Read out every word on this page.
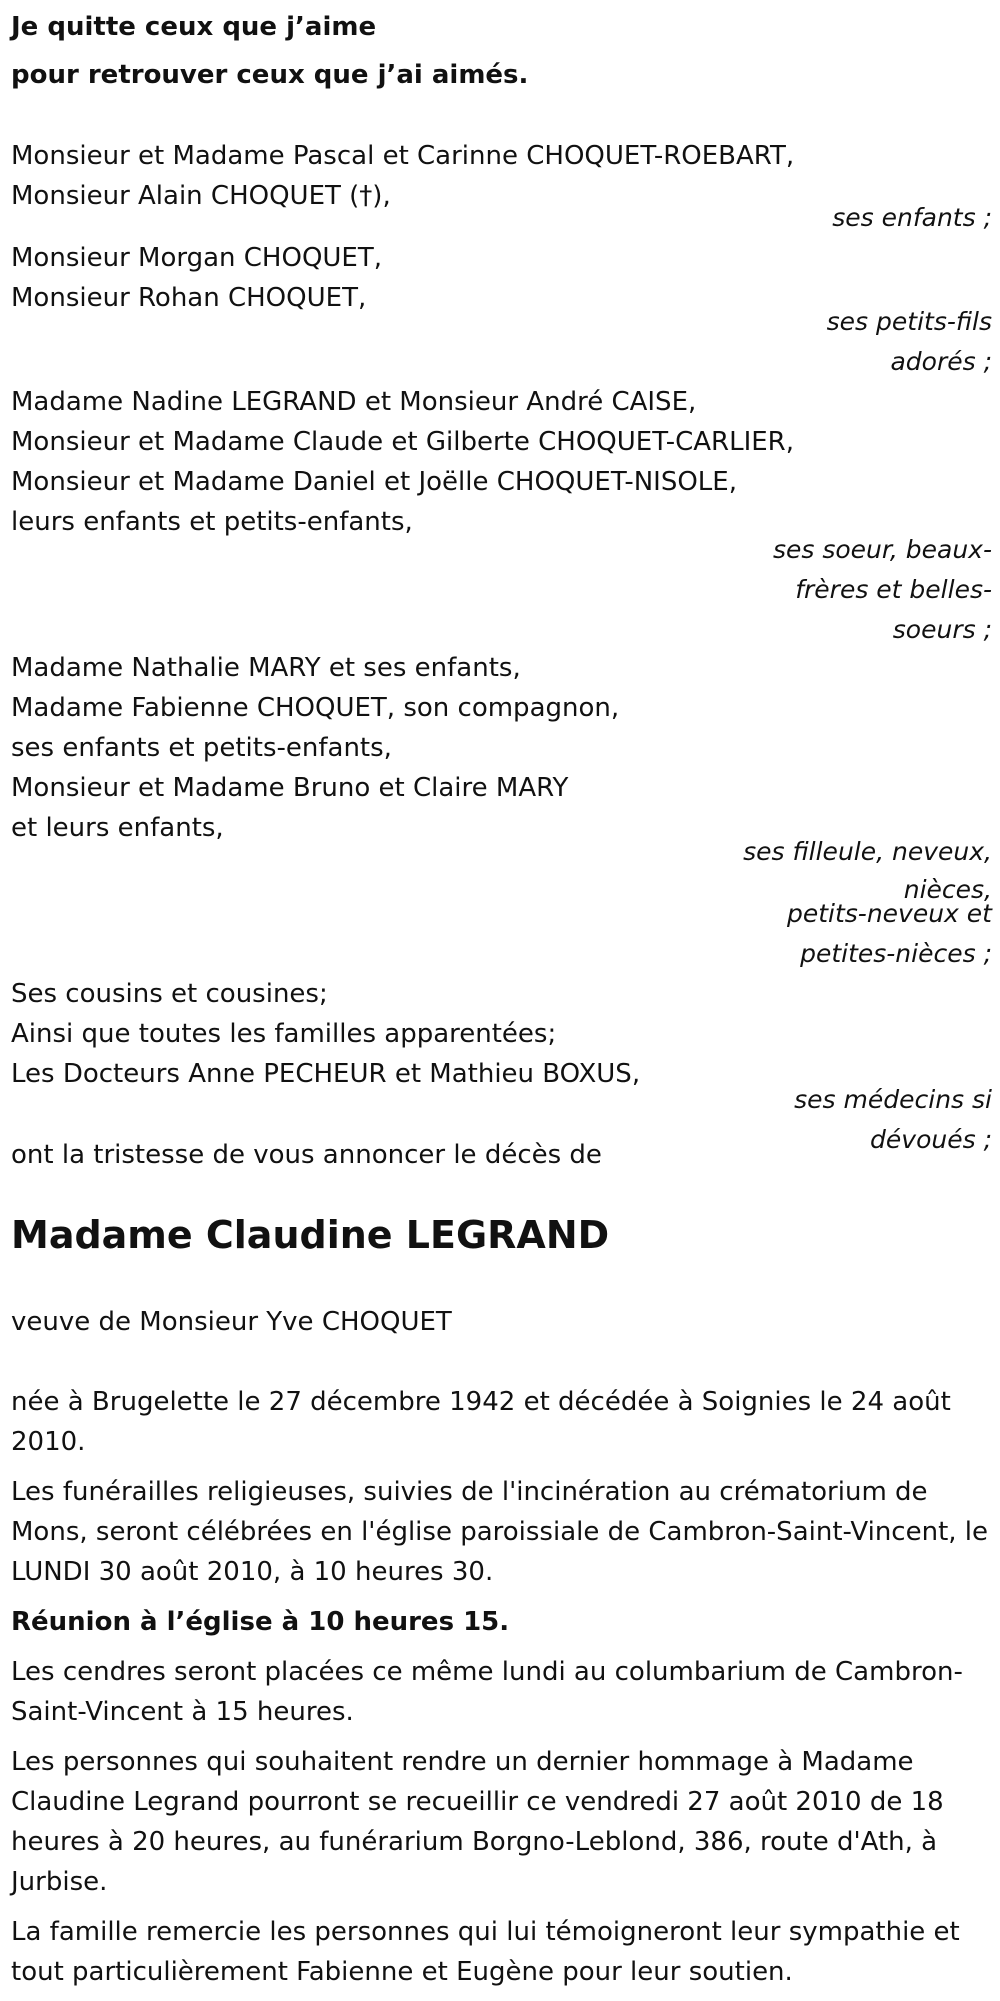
Je quitte ceux que j’aime

pour retrouver ceux que j’ai aimés.

Monsieur et Madame Pascal et Carinne CHOQUET-ROEBART,

Monsieur Alain CHOQUET (†),

ses enfants ;

Monsieur Morgan CHOQUET,

Monsieur Rohan CHOQUET,

ses petits-fils

adorés ;

Madame Nadine LEGRAND et Monsieur André CAISE,

Monsieur et Madame Claude et Gilberte CHOQUET-CARLIER,

Monsieur et Madame Daniel et Joëlle CHOQUET-NISOLE,

leurs enfants et petits-enfants,

ses soeur, beaux-

frères et belles-

soeurs ;

Madame Nathalie MARY et ses enfants,

Madame Fabienne CHOQUET, son compagnon,

ses enfants et petits-enfants,

Monsieur et Madame Bruno et Claire MARY

et leurs enfants,

ses filleule, neveux,

nièces,

petits-neveux et

petites-nièces ;

Ses cousins et cousines;

Ainsi que toutes les familles apparentées;

Les Docteurs Anne PECHEUR et Mathieu BOXUS,

ses médecins si

dévoués ;

ont la tristesse de vous annoncer le décès de

Madame Claudine LEGRAND

veuve de Monsieur Yve CHOQUET

née à Brugelette le 27 décembre 1942 et décédée à Soignies le 24 août 2010.

Les funérailles religieuses, suivies de l'incinération au crématorium de Mons, seront célébrées en l'église paroissiale de Cambron-Saint-Vincent, le LUNDI 30 août 2010, à 10 heures 30.

Réunion à l’église à 10 heures 15.

Les cendres seront placées ce même lundi au columbarium de Cambron-Saint-Vincent à 15 heures.

Les personnes qui souhaitent rendre un dernier hommage à Madame Claudine Legrand pourront se recueillir ce vendredi 27 août 2010 de 18 heures à 20 heures, au funérarium Borgno-Leblond, 386, route d'Ath, à Jurbise.

La famille remercie les personnes qui lui témoigneront leur sympathie et tout particulièrement Fabienne et Eugène pour leur soutien.
